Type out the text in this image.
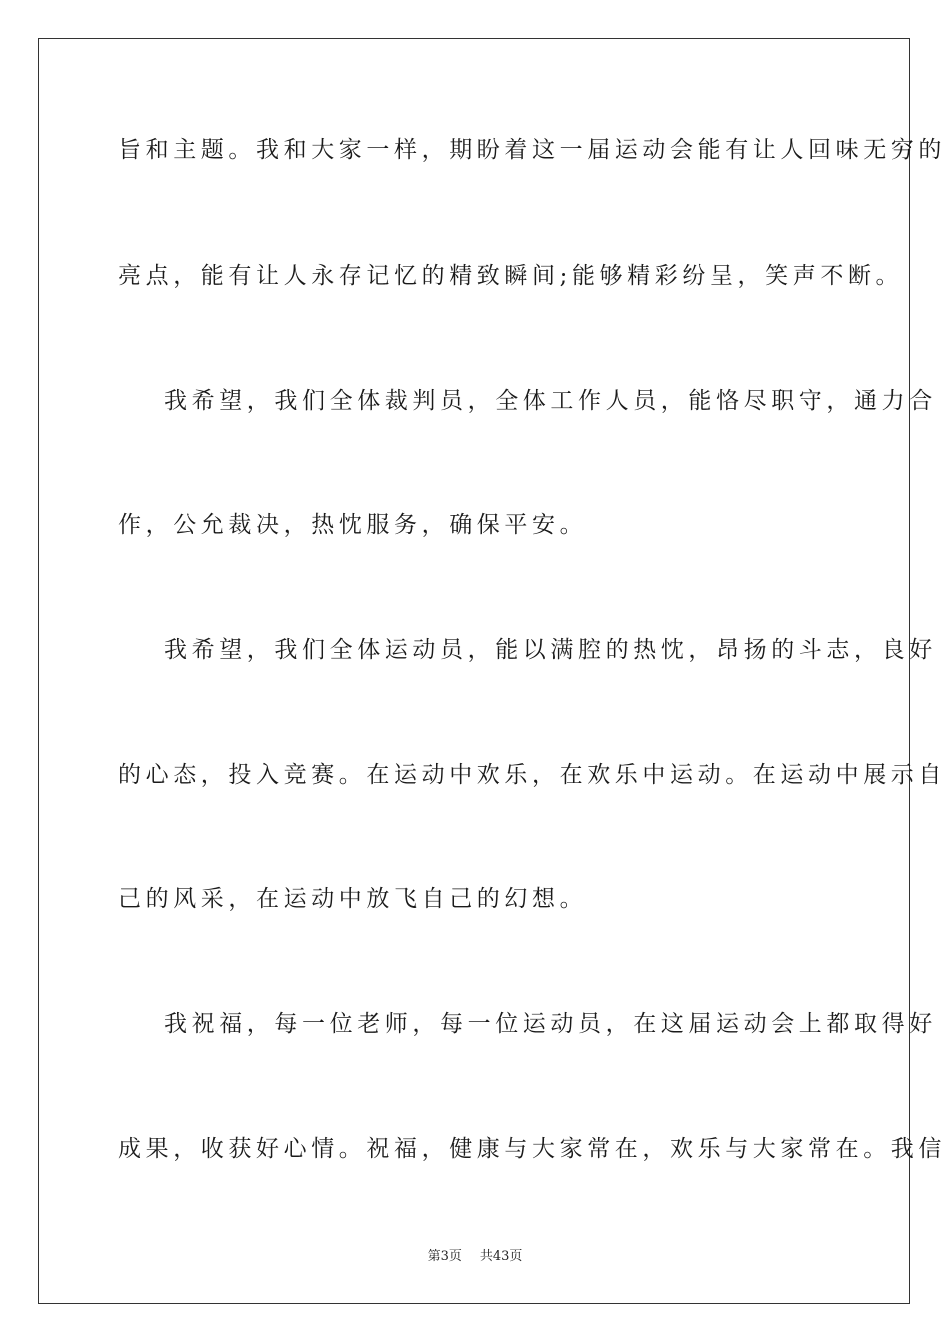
旨和主题。我和大家一样，期盼着这一届运动会能有让人回味无穷的
亮点，能有让人永存记忆的精致瞬间;能够精彩纷呈，笑声不断。
我希望，我们全体裁判员，全体工作人员，能恪尽职守，通力合
作，公允裁决，热忱服务，确保平安。
我希望，我们全体运动员，能以满腔的热忱，昂扬的斗志，良好
的心态，投入竞赛。在运动中欢乐，在欢乐中运动。在运动中展示自
己的风采，在运动中放飞自己的幻想。
我祝福，每一位老师，每一位运动员，在这届运动会上都取得好
成果，收获好心情。祝福，健康与大家常在，欢乐与大家常在。我信
第3页 共43页
